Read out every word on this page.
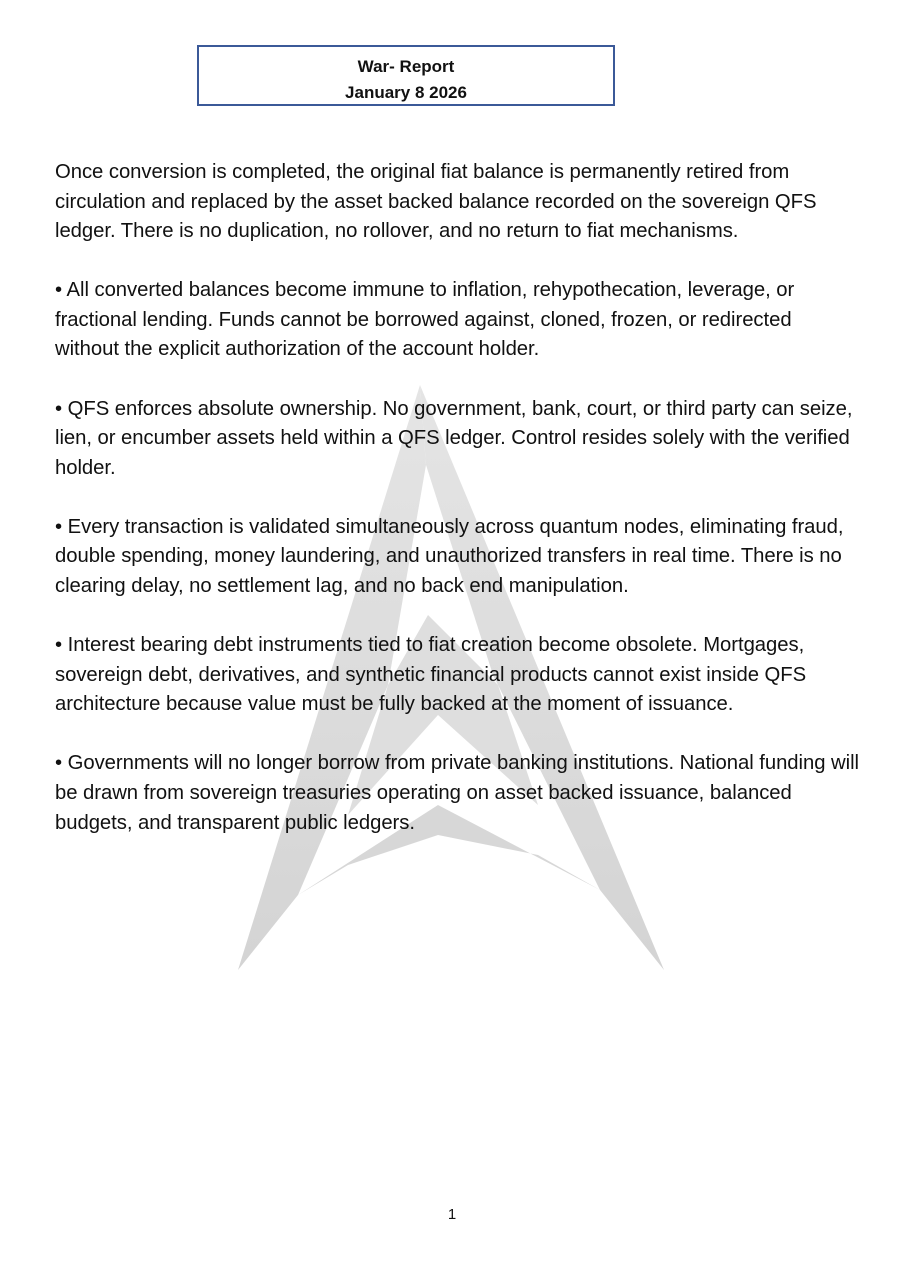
War- Report
January 8 2026

Once conversion is completed, the original fiat balance is permanently retired from circulation and replaced by the asset backed balance recorded on the sovereign QFS ledger. There is no duplication, no rollover, and no return to fiat mechanisms.

• All converted balances become immune to inflation, rehypothecation, leverage, or fractional lending. Funds cannot be borrowed against, cloned, frozen, or redirected without the explicit authorization of the account holder.

• QFS enforces absolute ownership. No government, bank, court, or third party can seize, lien, or encumber assets held within a QFS ledger. Control resides solely with the verified holder.

• Every transaction is validated simultaneously across quantum nodes, eliminating fraud, double spending, money laundering, and unauthorized transfers in real time. There is no clearing delay, no settlement lag, and no back end manipulation.

• Interest bearing debt instruments tied to fiat creation become obsolete. Mortgages, sovereign debt, derivatives, and synthetic financial products cannot exist inside QFS architecture because value must be fully backed at the moment of issuance.

• Governments will no longer borrow from private banking institutions. National funding will be drawn from sovereign treasuries operating on asset backed issuance, balanced budgets, and transparent public ledgers.

1
